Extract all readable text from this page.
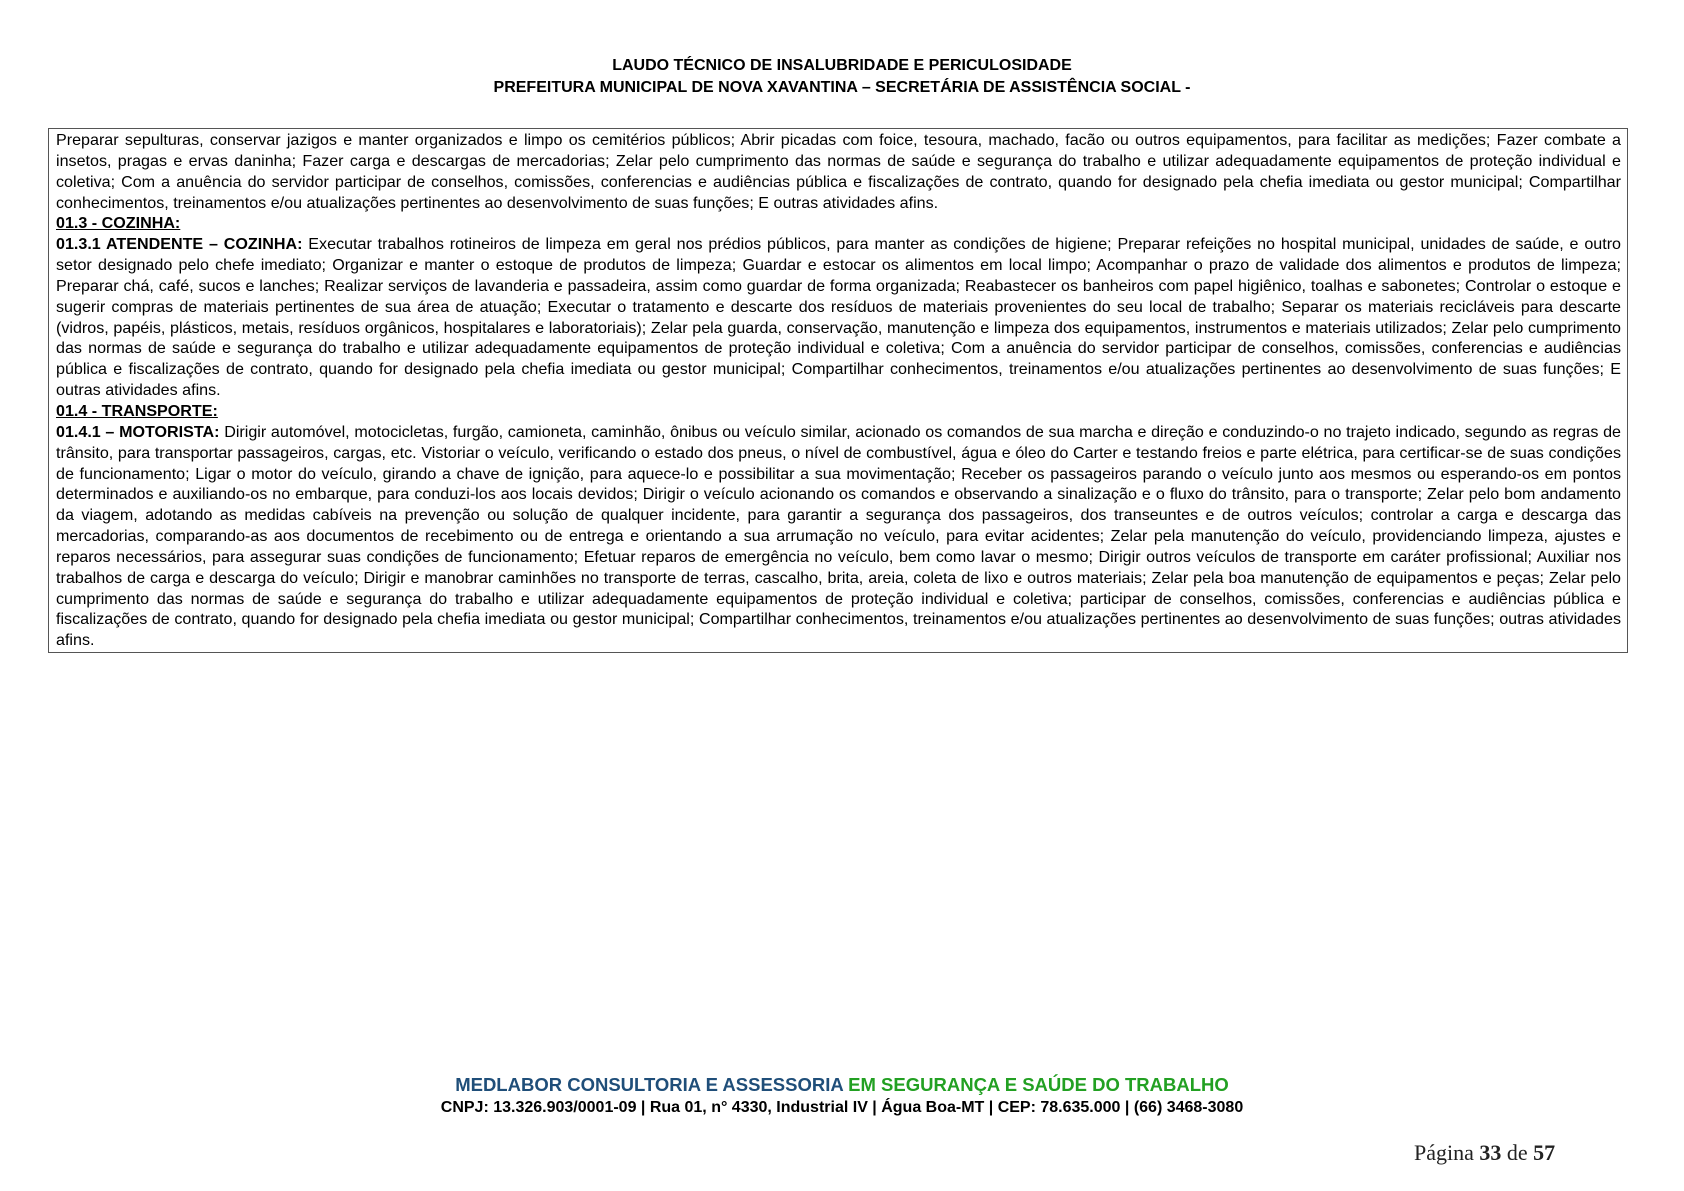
LAUDO TÉCNICO DE INSALUBRIDADE E PERICULOSIDADE
PREFEITURA MUNICIPAL DE NOVA XAVANTINA – SECRETÁRIA DE ASSISTÊNCIA SOCIAL -

Preparar sepulturas, conservar jazigos e manter organizados e limpo os cemitérios públicos; Abrir picadas com foice, tesoura, machado, facão ou outros equipamentos, para facilitar as medições; Fazer combate a insetos, pragas e ervas daninha; Fazer carga e descargas de mercadorias; Zelar pelo cumprimento das normas de saúde e segurança do trabalho e utilizar adequadamente equipamentos de proteção individual e coletiva; Com a anuência do servidor participar de conselhos, comissões, conferencias e audiências pública e fiscalizações de contrato, quando for designado pela chefia imediata ou gestor municipal; Compartilhar conhecimentos, treinamentos e/ou atualizações pertinentes ao desenvolvimento de suas funções; E outras atividades afins.

01.3 - COZINHA:

01.3.1 ATENDENTE – COZINHA: Executar trabalhos rotineiros de limpeza em geral nos prédios públicos, para manter as condições de higiene; Preparar refeições no hospital municipal, unidades de saúde, e outro setor designado pelo chefe imediato; Organizar e manter o estoque de produtos de limpeza; Guardar e estocar os alimentos em local limpo; Acompanhar o prazo de validade dos alimentos e produtos de limpeza; Preparar chá, café, sucos e lanches; Realizar serviços de lavanderia e passadeira, assim como guardar de forma organizada; Reabastecer os banheiros com papel higiênico, toalhas e sabonetes; Controlar o estoque e sugerir compras de materiais pertinentes de sua área de atuação; Executar o tratamento e descarte dos resíduos de materiais provenientes do seu local de trabalho; Separar os materiais recicláveis para descarte (vidros, papéis, plásticos, metais, resíduos orgânicos, hospitalares e laboratoriais); Zelar pela guarda, conservação, manutenção e limpeza dos equipamentos, instrumentos e materiais utilizados; Zelar pelo cumprimento das normas de saúde e segurança do trabalho e utilizar adequadamente equipamentos de proteção individual e coletiva; Com a anuência do servidor participar de conselhos, comissões, conferencias e audiências pública e fiscalizações de contrato, quando for designado pela chefia imediata ou gestor municipal; Compartilhar conhecimentos, treinamentos e/ou atualizações pertinentes ao desenvolvimento de suas funções; E outras atividades afins.

01.4 - TRANSPORTE:

01.4.1 – MOTORISTA: Dirigir automóvel, motocicletas, furgão, camioneta, caminhão, ônibus ou veículo similar, acionado os comandos de sua marcha e direção e conduzindo-o no trajeto indicado, segundo as regras de trânsito, para transportar passageiros, cargas, etc. Vistoriar o veículo, verificando o estado dos pneus, o nível de combustível, água e óleo do Carter e testando freios e parte elétrica, para certificar-se de suas condições de funcionamento; Ligar o motor do veículo, girando a chave de ignição, para aquece-lo e possibilitar a sua movimentação; Receber os passageiros parando o veículo junto aos mesmos ou esperando-os em pontos determinados e auxiliando-os no embarque, para conduzi-los aos locais devidos; Dirigir o veículo acionando os comandos e observando a sinalização e o fluxo do trânsito, para o transporte; Zelar pelo bom andamento da viagem, adotando as medidas cabíveis na prevenção ou solução de qualquer incidente, para garantir a segurança dos passageiros, dos transeuntes e de outros veículos; controlar a carga e descarga das mercadorias, comparando-as aos documentos de recebimento ou de entrega e orientando a sua arrumação no veículo, para evitar acidentes; Zelar pela manutenção do veículo, providenciando limpeza, ajustes e reparos necessários, para assegurar suas condições de funcionamento; Efetuar reparos de emergência no veículo, bem como lavar o mesmo; Dirigir outros veículos de transporte em caráter profissional; Auxiliar nos trabalhos de carga e descarga do veículo; Dirigir e manobrar caminhões no transporte de terras, cascalho, brita, areia, coleta de lixo e outros materiais; Zelar pela boa manutenção de equipamentos e peças; Zelar pelo cumprimento das normas de saúde e segurança do trabalho e utilizar adequadamente equipamentos de proteção individual e coletiva; participar de conselhos, comissões, conferencias e audiências pública e fiscalizações de contrato, quando for designado pela chefia imediata ou gestor municipal; Compartilhar conhecimentos, treinamentos e/ou atualizações pertinentes ao desenvolvimento de suas funções; outras atividades afins.

MEDLABOR CONSULTORIA E ASSESSORIA EM SEGURANÇA E SAÚDE DO TRABALHO
CNPJ: 13.326.903/0001-09 | Rua 01, n° 4330, Industrial IV | Água Boa-MT | CEP: 78.635.000 | (66) 3468-3080
Página 33 de 57
